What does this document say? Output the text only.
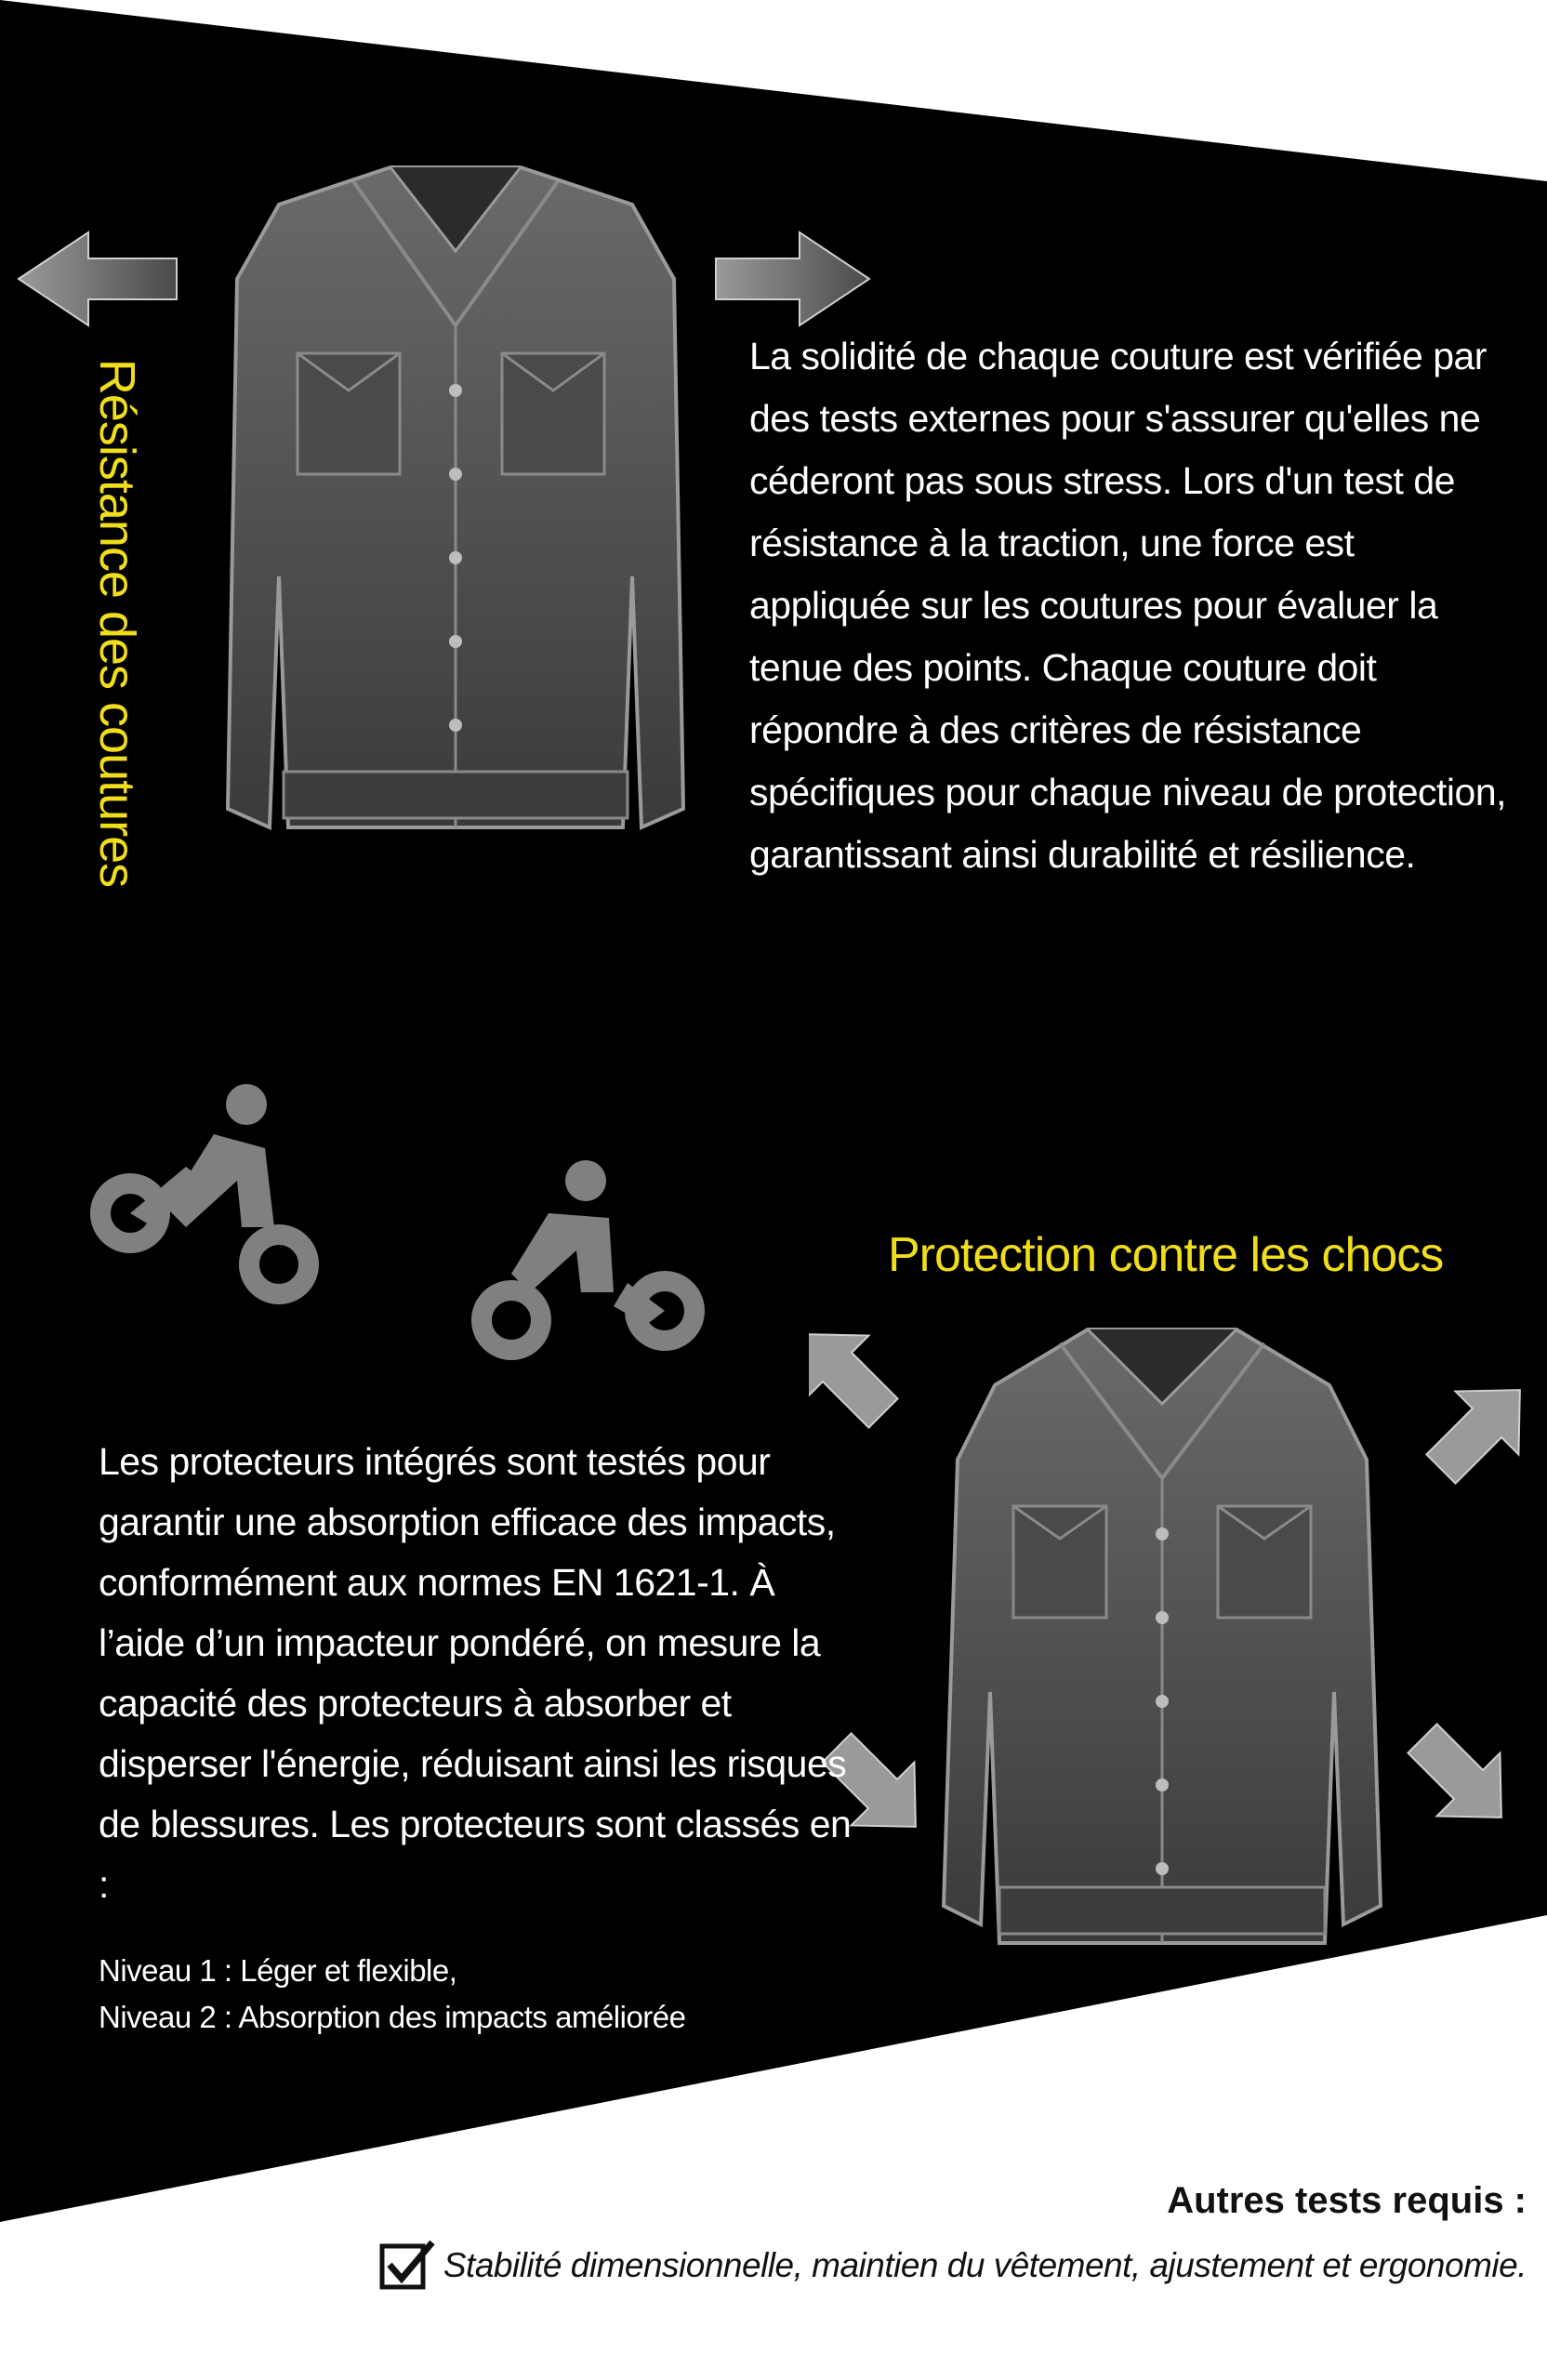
Résistance des coutures
La solidité de chaque couture est vérifiée par des tests externes pour s'assurer qu'elles ne céderont pas sous stress. Lors d'un test de résistance à la traction, une force est appliquée sur les coutures pour évaluer la tenue des points. Chaque couture doit répondre à des critères de résistance spécifiques pour chaque niveau de protection, garantissant ainsi durabilité et résilience.
Protection contre les chocs
Les protecteurs intégrés sont testés pour garantir une absorption efficace des impacts, conformément aux normes EN 1621-1. À l’aide d’un impacteur pondéré, on mesure la capacité des protecteurs à absorber et disperser l'énergie, réduisant ainsi les risques de blessures. Les protecteurs sont classés en :
Niveau 1 : Léger et flexible,
Niveau 2 : Absorption des impacts améliorée
Autres tests requis :
Stabilité dimensionnelle, maintien du vêtement, ajustement et ergonomie.
